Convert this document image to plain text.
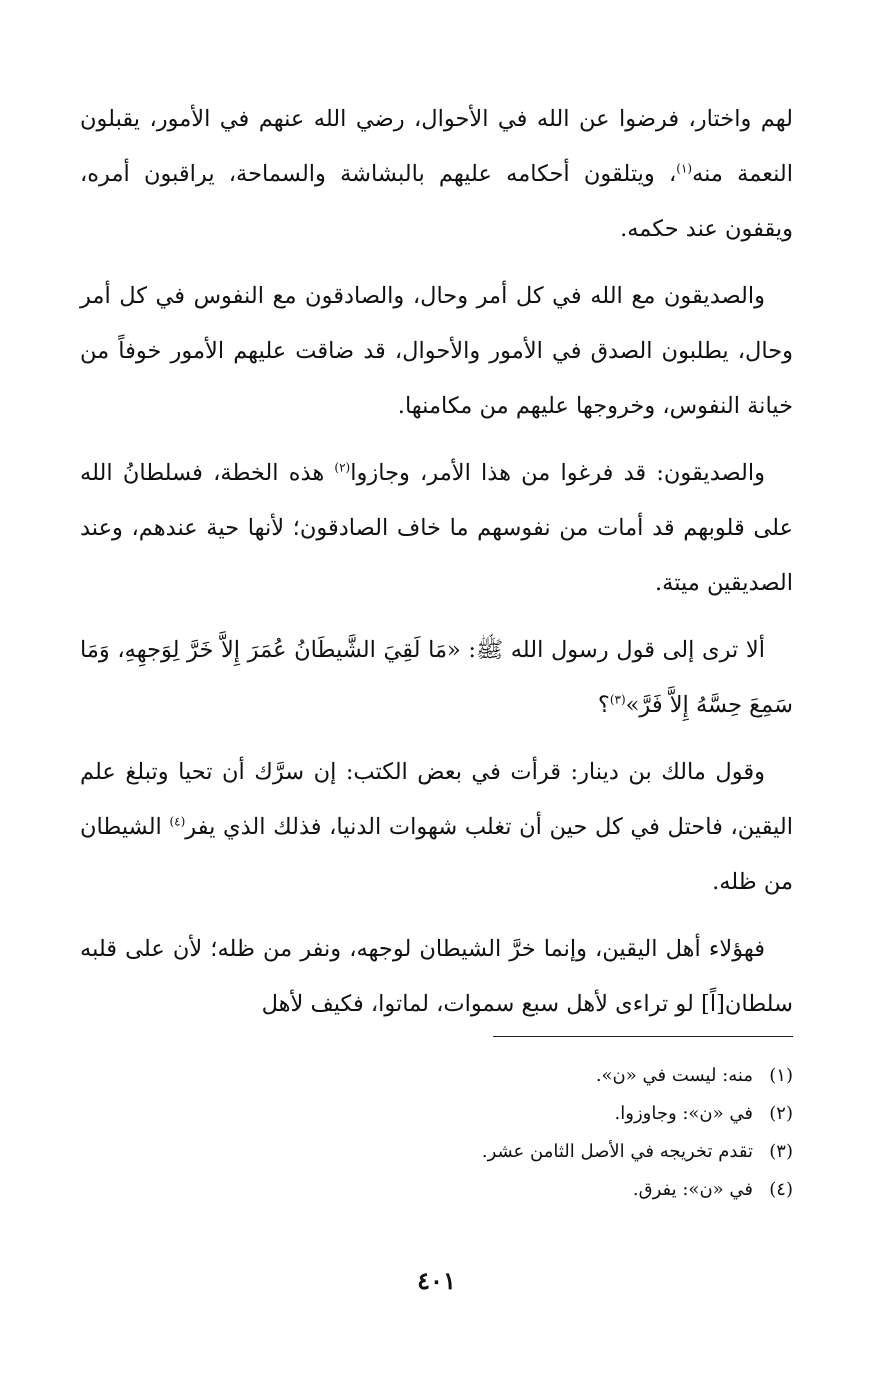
لهم واختار، فرضوا عن الله في الأحوال، رضي الله عنهم في الأمور، يقبلون النعمة منه$^{(١)}$، ويتلقون أحكامه عليهم بالبشاشة والسماحة، يراقبون أمره، ويقفون عند حكمه.

والصديقون مع الله في كل أمر وحال، والصادقون مع النفوس في كل أمر وحال، يطلبون الصدق في الأمور والأحوال، قد ضاقت عليهم الأمور خوفاً من خيانة النفوس، وخروجها عليهم من مكامنها.

والصديقون: قد فرغوا من هذا الأمر، وجازوا$^{(٢)}$ هذه الخطة، فسلطانُ الله على قلوبهم قد أمات من نفوسهم ما خاف الصادقون؛ لأنها حية عندهم، وعند الصديقين ميتة.

ألا ترى إلى قول رسول الله ﷺ: «مَا لَقِيَ الشَّيطَانُ عُمَرَ إِلاَّ خَرَّ لِوَجهِهِ، وَمَا سَمِعَ حِسَّهُ إِلاَّ فَرَّ»$^{(٣)}$؟

وقول مالك بن دينار: قرأت في بعض الكتب: إن سرَّك أن تحيا وتبلغ علم اليقين، فاحتل في كل حين أن تغلب شهوات الدنيا، فذلك الذي يفر$^{(٤)}$ الشيطان من ظله.

فهؤلاء أهل اليقين، وإنما خرَّ الشيطان لوجهه، ونفر من ظله؛ لأن على قلبه سلطان[اً] لو تراءى لأهل سبع سموات، لماتوا، فكيف لأهل

(١)منه: ليست في «ن».
(٢)في «ن»: وجاوزوا.
(٣)تقدم تخريجه في الأصل الثامن عشر.
(٤)في «ن»: يفرق.
٤٠١
